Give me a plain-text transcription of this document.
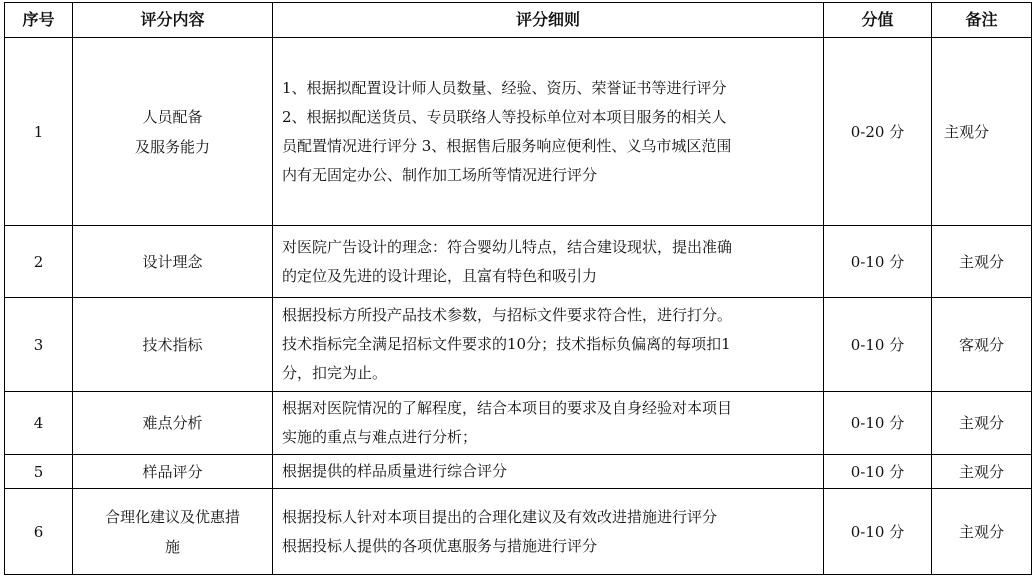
序号	评分内容	评分细则	分值	备注
1	人员配备
及服务能力	1、根据拟配置设计师人员数量、经验、资历、荣誉证书等进行评分
2、根据拟配送货员、专员联络人等投标单位对本项目服务的相关人
员配置情况进行评分 3、根据售后服务响应便利性、义乌市城区范围
内有无固定办公、制作加工场所等情况进行评分	0-20 分	主观分
2	设计理念	对医院广告设计的理念：符合婴幼儿特点，结合建设现状，提出准确
的定位及先进的设计理论，且富有特色和吸引力	0-10 分	主观分
3	技术指标	根据投标方所投产品技术参数，与招标文件要求符合性，进行打分。
技术指标完全满足招标文件要求的10分；技术指标负偏离的每项扣1
分，扣完为止。	0-10 分	客观分
4	难点分析	根据对医院情况的了解程度，结合本项目的要求及自身经验对本项目
实施的重点与难点进行分析；	0-10 分	主观分
5	样品评分	根据提供的样品质量进行综合评分	0-10 分	主观分
6	合理化建议及优惠措
施	根据投标人针对本项目提出的合理化建议及有效改进措施进行评分
根据投标人提供的各项优惠服务与措施进行评分	0-10 分	主观分
